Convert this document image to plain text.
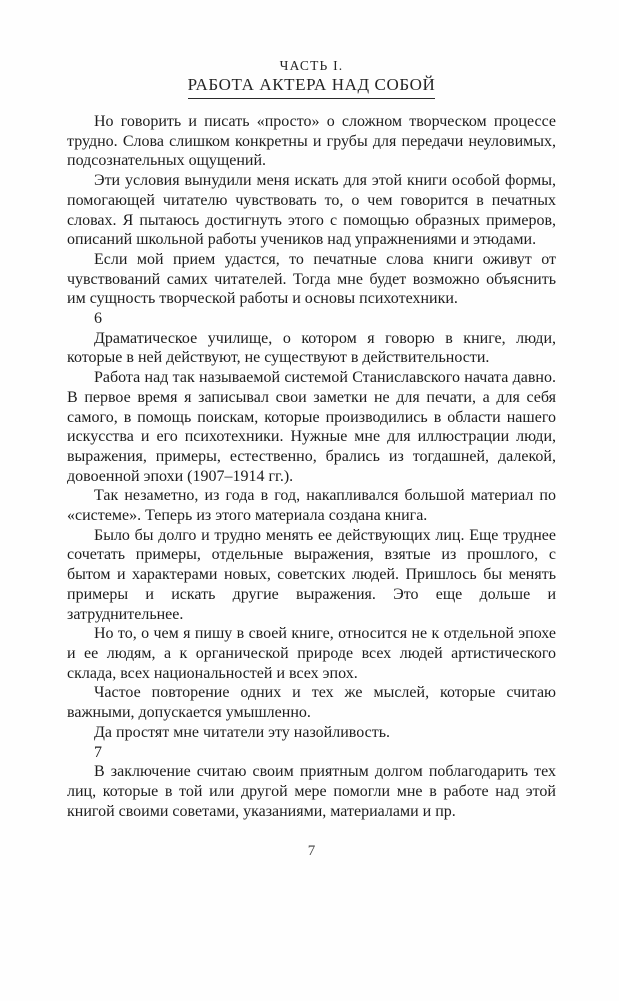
ЧАСТЬ I.
РАБОТА АКТЕРА НАД СОБОЙ

Но говорить и писать «просто» о сложном творческом процессе трудно. Слова слишком конкретны и грубы для передачи неуловимых, подсознательных ощущений.

Эти условия вынудили меня искать для этой книги особой формы, помогающей читателю чувствовать то, о чем говорится в печатных словах. Я пытаюсь достигнуть этого с помощью образных примеров, описаний школьной работы учеников над упражнениями и этюдами.

Если мой прием удастся, то печатные слова книги оживут от чувствований самих читателей. Тогда мне будет возможно объяснить им сущность творческой работы и основы психотехники.

6

Драматическое училище, о котором я говорю в книге, люди, которые в ней действуют, не существуют в действительности.

Работа над так называемой системой Станиславского начата давно. В первое время я записывал свои заметки не для печати, а для себя самого, в помощь поискам, которые производились в области нашего искусства и его психотехники. Нужные мне для иллюстрации люди, выражения, примеры, естественно, брались из тогдашней, далекой, довоенной эпохи (1907–1914 гг.).

Так незаметно, из года в год, накапливался большой материал по «системе». Теперь из этого материала создана книга.

Было бы долго и трудно менять ее действующих лиц. Еще труднее сочетать примеры, отдельные выражения, взятые из прошлого, с бытом и характерами новых, советских людей. Пришлось бы менять примеры и искать другие выражения. Это еще дольше и затруднительнее.

Но то, о чем я пишу в своей книге, относится не к отдельной эпохе и ее людям, а к органической природе всех людей артистического склада, всех национальностей и всех эпох.

Частое повторение одних и тех же мыслей, которые считаю важными, допускается умышленно.

Да простят мне читатели эту назойливость.

7

В заключение считаю своим приятным долгом поблагодарить тех лиц, которые в той или другой мере помогли мне в работе над этой книгой своими советами, указаниями, материалами и пр.

7
